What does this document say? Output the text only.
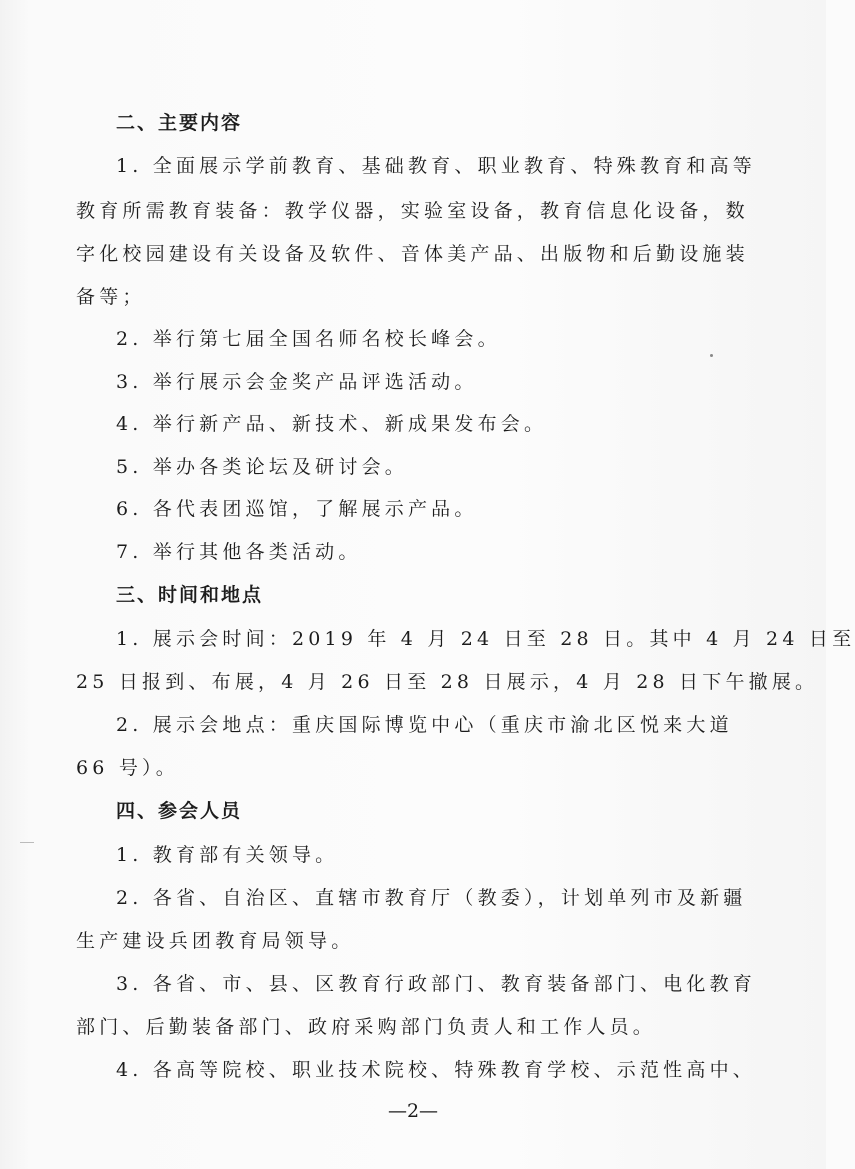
二、主要内容
1. 全面展示学前教育、基础教育、职业教育、特殊教育和高等
教育所需教育装备：教学仪器，实验室设备，教育信息化设备，数
字化校园建设有关设备及软件、音体美产品、出版物和后勤设施装
备等；
2. 举行第七届全国名师名校长峰会。
3. 举行展示会金奖产品评选活动。
4. 举行新产品、新技术、新成果发布会。
5. 举办各类论坛及研讨会。
6. 各代表团巡馆，了解展示产品。
7. 举行其他各类活动。
三、时间和地点
1. 展示会时间：2019 年 4 月 24 日至 28 日。其中 4 月 24 日至
25 日报到、布展，4 月 26 日至 28 日展示，4 月 28 日下午撤展。
2. 展示会地点：重庆国际博览中心（重庆市渝北区悦来大道
66 号）。
四、参会人员
1. 教育部有关领导。
2. 各省、自治区、直辖市教育厅（教委），计划单列市及新疆
生产建设兵团教育局领导。
3. 各省、市、县、区教育行政部门、教育装备部门、电化教育
部门、后勤装备部门、政府采购部门负责人和工作人员。
4. 各高等院校、职业技术院校、特殊教育学校、示范性高中、
—2—
